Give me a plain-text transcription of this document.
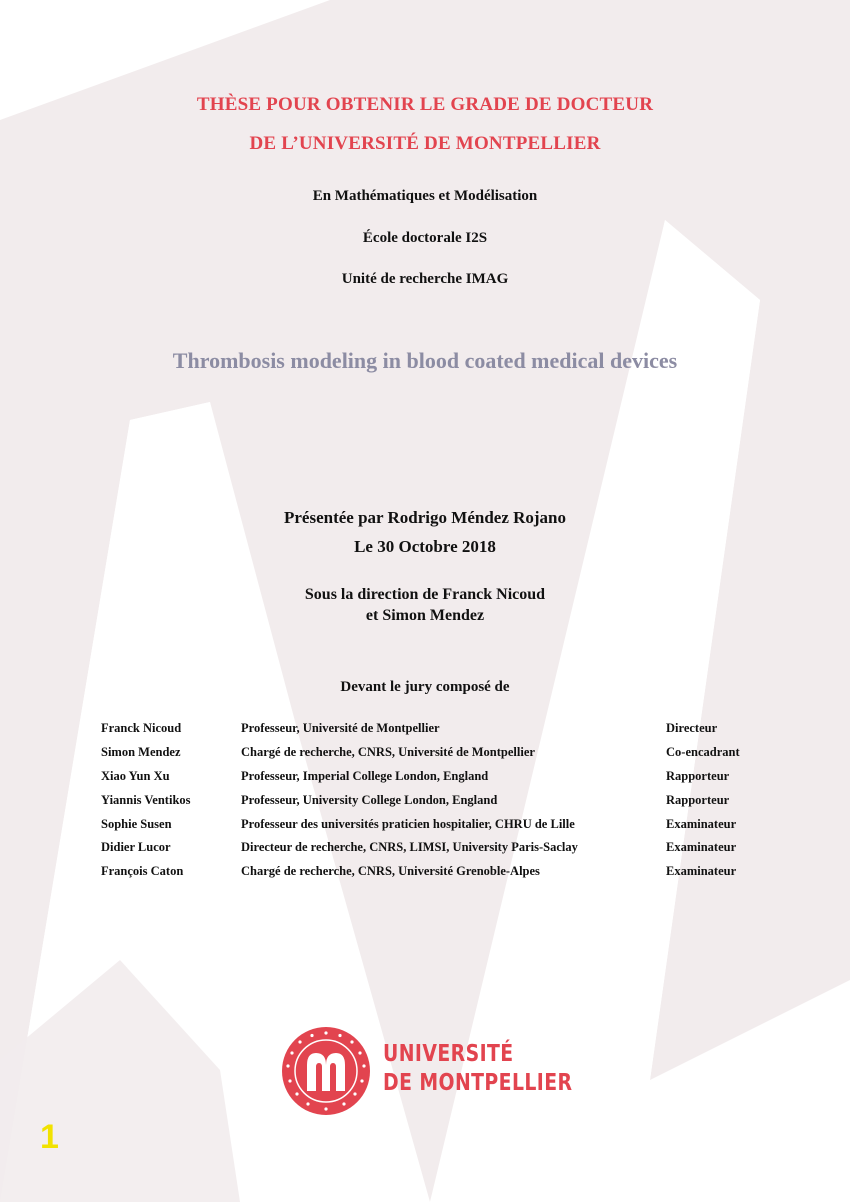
THÈSE POUR OBTENIR LE GRADE DE DOCTEUR
DE L’UNIVERSITÉ DE MONTPELLIER
En Mathématiques et Modélisation
École doctorale I2S
Unité de recherche IMAG
Thrombosis modeling in blood coated medical devices
Présentée par Rodrigo Méndez Rojano
Le 30 Octobre 2018
Sous la direction de Franck Nicoud
et Simon Mendez
Devant le jury composé de
Franck Nicoud	Professeur, Université de Montpellier	Directeur
Simon Mendez	Chargé de recherche, CNRS, Université de Montpellier	Co-encadrant
Xiao Yun Xu	Professeur, Imperial College London, England	Rapporteur
Yiannis Ventikos	Professeur, University College London, England	Rapporteur
Sophie Susen	Professeur des universités praticien hospitalier, CHRU de Lille	Examinateur
Didier Lucor	Directeur de recherche, CNRS, LIMSI, University Paris-Saclay	Examinateur
François Caton	Chargé de recherche, CNRS, Université Grenoble-Alpes	Examinateur
UNIVERSITÉ
DE MONTPELLIER
1
